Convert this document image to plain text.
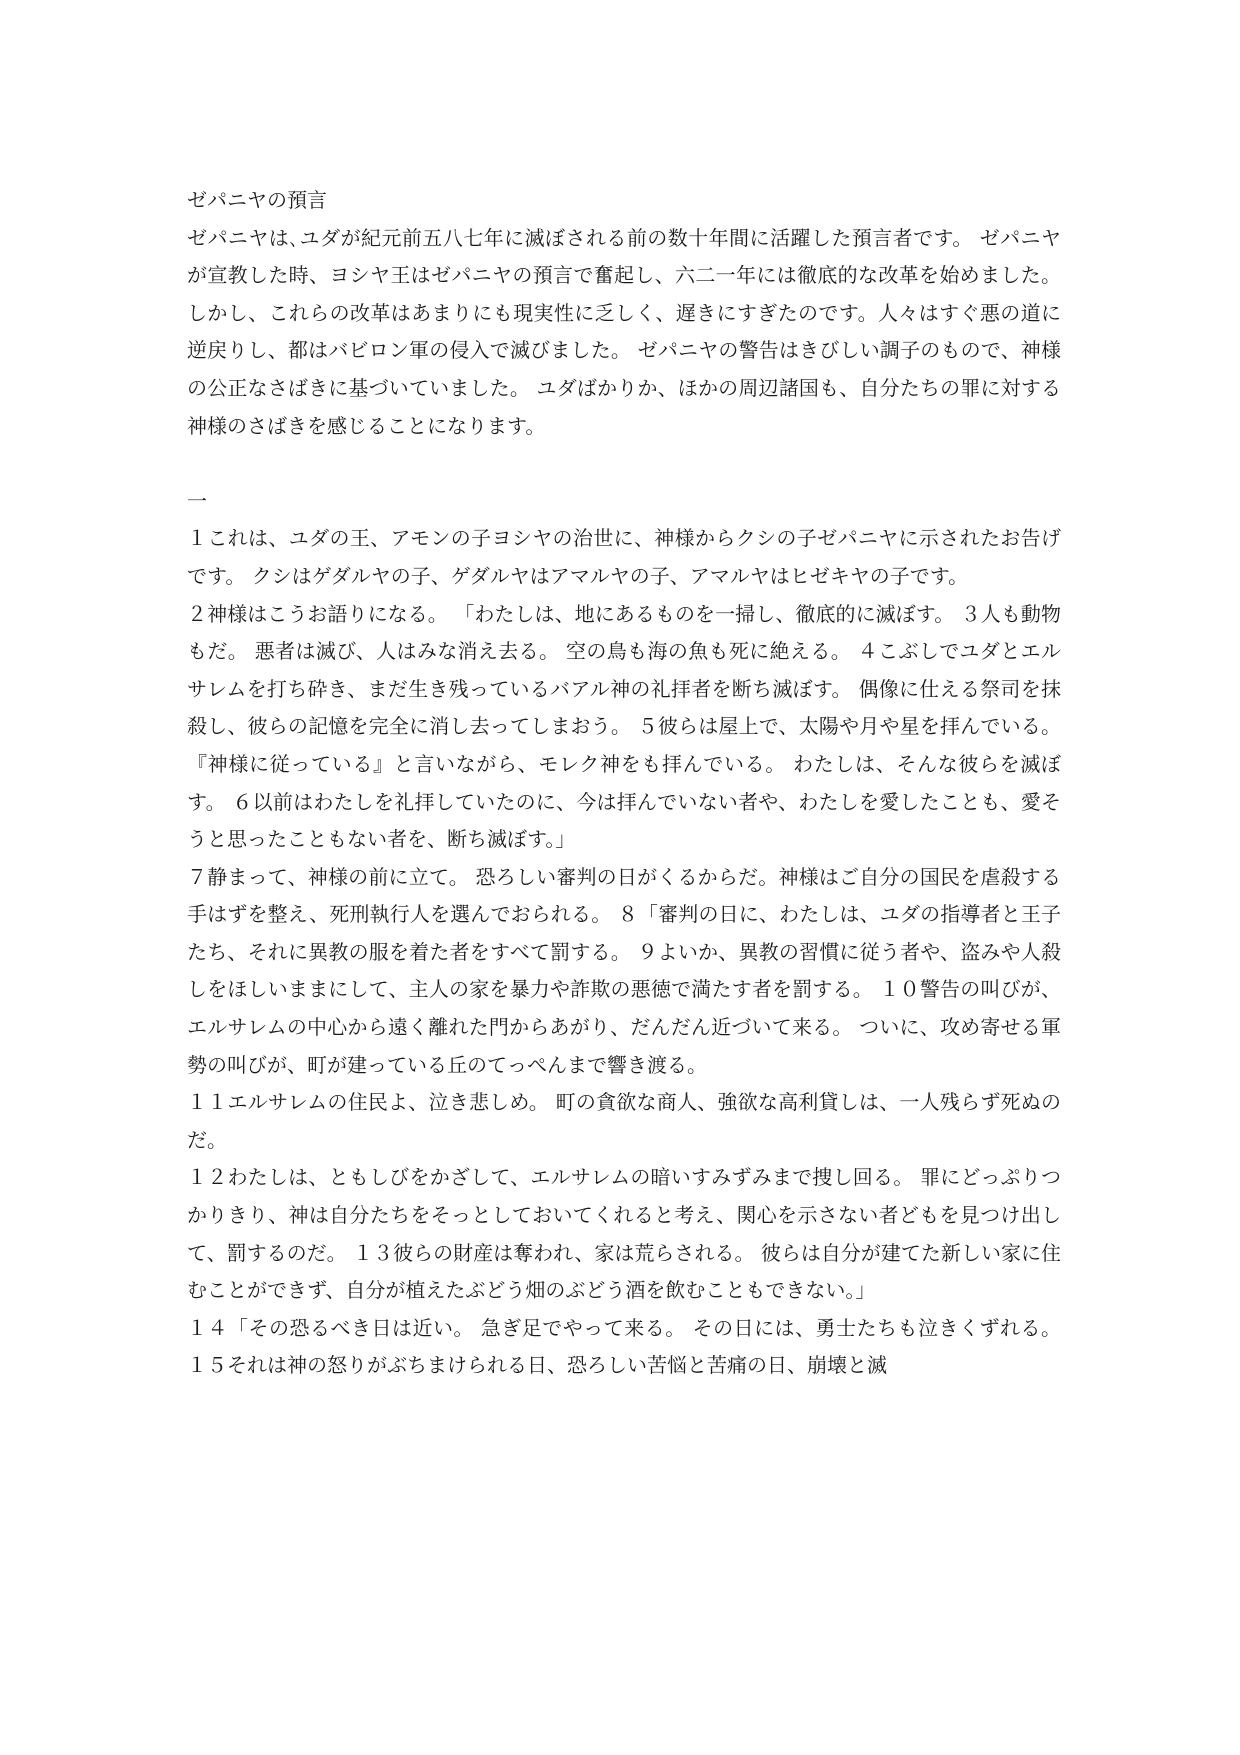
ゼパニヤの預言

ゼパニヤは､ユダが紀元前五八七年に滅ぼされる前の数十年間に活躍した預言者です。 ゼパニヤが宣教した時、ヨシヤ王はゼパニヤの預言で奮起し、六二一年には徹底的な改革を始めました。 しかし、これらの改革はあまりにも現実性に乏しく、遅きにすぎたのです。人々はすぐ悪の道に逆戻りし、都はバビロン軍の侵入で滅びました。 ゼパニヤの警告はきびしい調子のもので、神様の公正なさばきに基づいていました。 ユダばかりか、ほかの周辺諸国も、自分たちの罪に対する神様のさばきを感じることになります。

一

１これは、ユダの王、アモンの子ヨシヤの治世に、神様からクシの子ゼパニヤに示されたお告げです。 クシはゲダルヤの子、ゲダルヤはアマルヤの子、アマルヤはヒゼキヤの子です。

２神様はこうお語りになる。 「わたしは、地にあるものを一掃し、徹底的に滅ぼす。 ３人も動物もだ。 悪者は滅び、人はみな消え去る。 空の鳥も海の魚も死に絶える。 ４こぶしでユダとエルサレムを打ち砕き、まだ生き残っているバアル神の礼拝者を断ち滅ぼす。 偶像に仕える祭司を抹殺し、彼らの記憶を完全に消し去ってしまおう。 ５彼らは屋上で、太陽や月や星を拝んでいる。『神様に従っている』と言いながら、モレク神をも拝んでいる。 わたしは、そんな彼らを滅ぼす。 ６以前はわたしを礼拝していたのに、今は拝んでいない者や、わたしを愛したことも、愛そうと思ったこともない者を、断ち滅ぼす。」

７静まって、神様の前に立て。 恐ろしい審判の日がくるからだ。神様はご自分の国民を虐殺する手はずを整え、死刑執行人を選んでおられる。 ８「審判の日に、わたしは、ユダの指導者と王子たち、それに異教の服を着た者をすべて罰する。 ９よいか、異教の習慣に従う者や、盗みや人殺しをほしいままにして、主人の家を暴力や詐欺の悪徳で満たす者を罰する。 １０警告の叫びが、エルサレムの中心から遠く離れた門からあがり、だんだん近づいて来る。 ついに、攻め寄せる軍勢の叫びが、町が建っている丘のてっぺんまで響き渡る。

１１エルサレムの住民よ、泣き悲しめ。 町の貪欲な商人、強欲な高利貸しは、一人残らず死ぬのだ。

１２わたしは、ともしびをかざして、エルサレムの暗いすみずみまで捜し回る。 罪にどっぷりつかりきり、神は自分たちをそっとしておいてくれると考え、関心を示さない者どもを見つけ出して、罰するのだ。 １３彼らの財産は奪われ、家は荒らされる。 彼らは自分が建てた新しい家に住むことができず、自分が植えたぶどう畑のぶどう酒を飲むこともできない。」

１４「その恐るべき日は近い。 急ぎ足でやって来る。 その日には、勇士たちも泣きくずれる。 １５それは神の怒りがぶちまけられる日、恐ろしい苦悩と苦痛の日、崩壊と滅
